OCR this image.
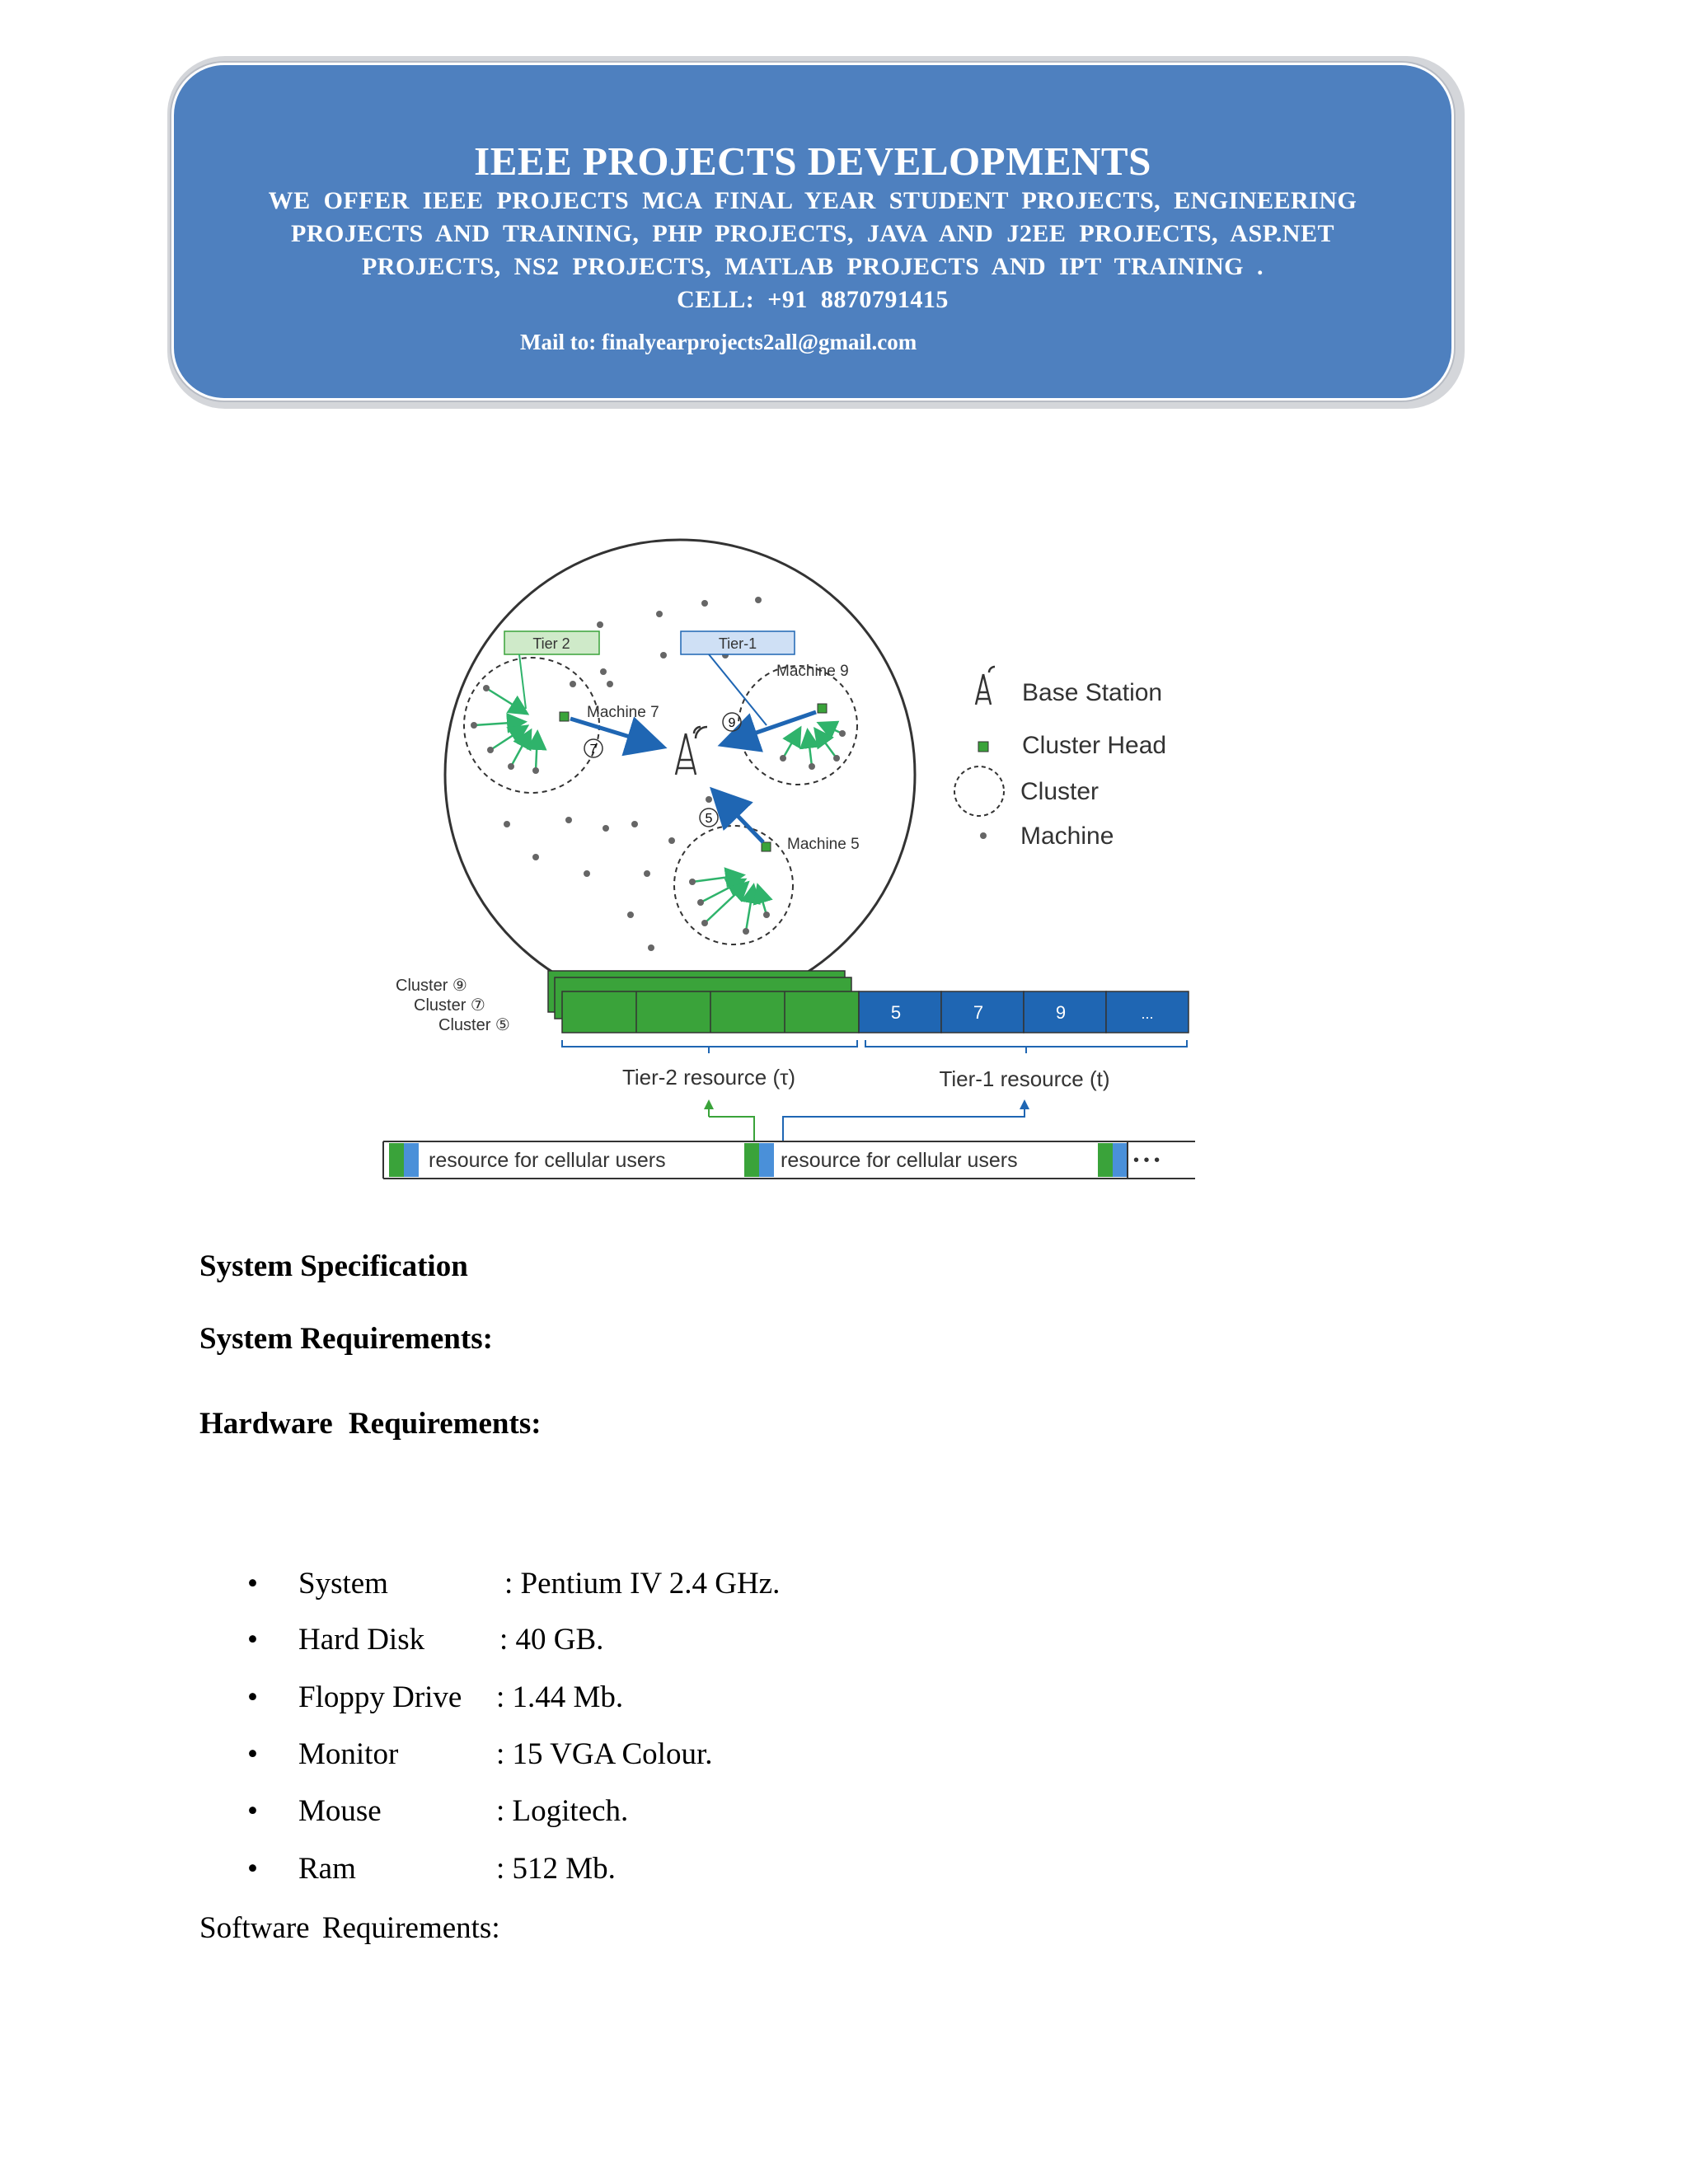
IEEE PROJECTS DEVELOPMENTS
WE OFFER IEEE PROJECTS MCA FINAL YEAR STUDENT PROJECTS, ENGINEERING
PROJECTS AND TRAINING, PHP PROJECTS, JAVA AND J2EE PROJECTS, ASP.NET
PROJECTS, NS2 PROJECTS, MATLAB PROJECTS AND IPT TRAINING .
CELL: +91 8870791415
Mail to: finalyearprojects2all@gmail.com
7
9
5
Machine 7
Machine 9
Machine 5
Tier 2	Tier-1
Base Station
Cluster Head
Cluster
Machine
Cluster ⑨
Cluster ⑦
Cluster ⑤
5	7	9	...
Tier-2 resource (τ)	Tier-1 resource (t)
resource for cellular users	resource for cellular users	• • •
System Specification
System Requirements:
Hardware Requirements:
• System	: Pentium IV 2.4 GHz.
• Hard Disk : 40 GB.
• Floppy Drive : 1.44 Mb.
• Monitor	: 15 VGA Colour.
• Mouse	: Logitech.
• Ram	: 512 Mb.
Software Requirements:
